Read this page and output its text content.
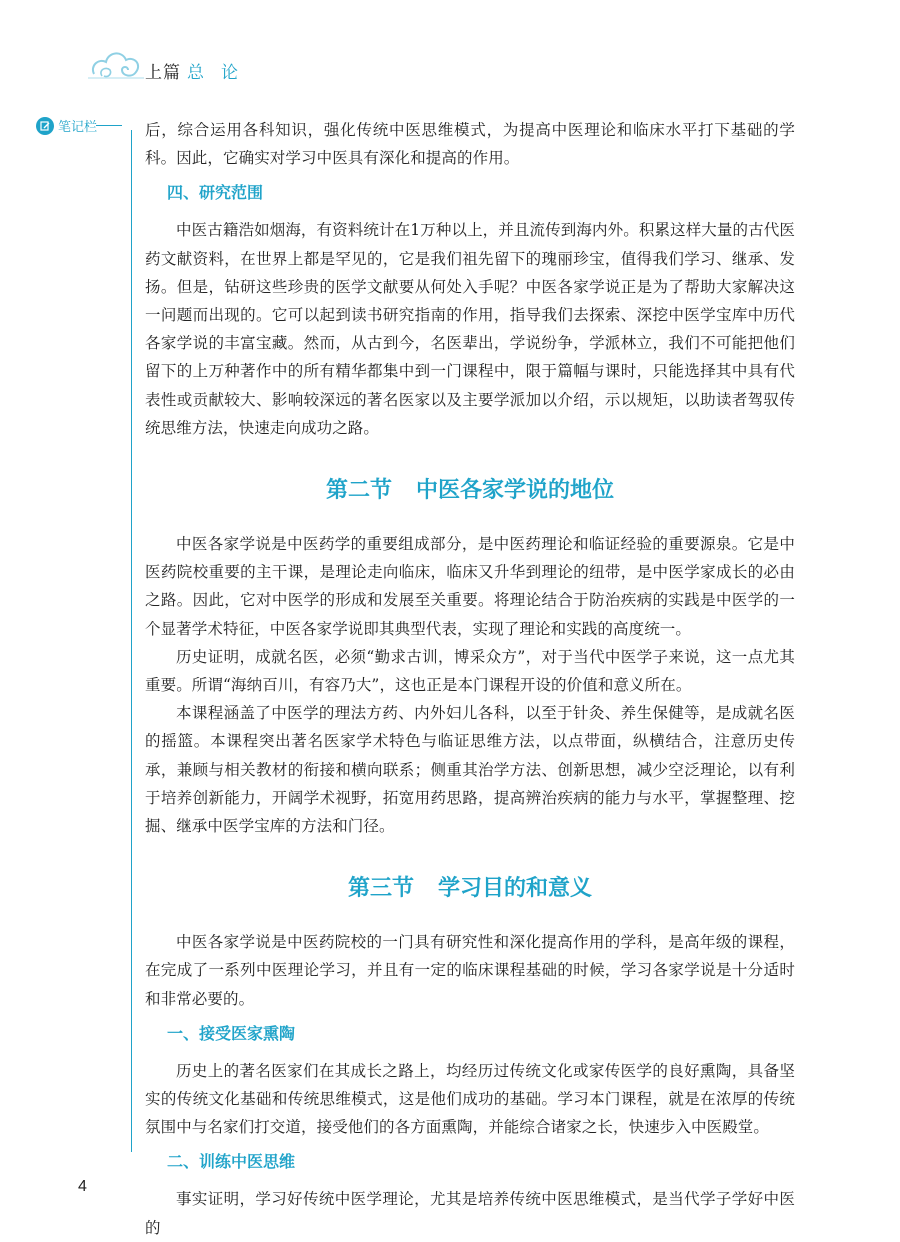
上篇 总 论
笔记栏	后，综合运用各科知识，强化传统中医思维模式，为提高中医理论和临床水平打下基础的学科。因此，它确实对学习中医具有深化和提高的作用。

四、研究范围

中医古籍浩如烟海，有资料统计在1万种以上，并且流传到海内外。积累这样大量的古代医药文献资料，在世界上都是罕见的，它是我们祖先留下的瑰丽珍宝，值得我们学习、继承、发扬。但是，钻研这些珍贵的医学文献要从何处入手呢？中医各家学说正是为了帮助大家解决这一问题而出现的。它可以起到读书研究指南的作用，指导我们去探索、深挖中医学宝库中历代各家学说的丰富宝藏。然而，从古到今，名医辈出，学说纷争，学派林立，我们不可能把他们留下的上万种著作中的所有精华都集中到一门课程中，限于篇幅与课时，只能选择其中具有代表性或贡献较大、影响较深远的著名医家以及主要学派加以介绍，示以规矩，以助读者驾驭传统思维方法，快速走向成功之路。

第二节 中医各家学说的地位

中医各家学说是中医药学的重要组成部分，是中医药理论和临证经验的重要源泉。它是中医药院校重要的主干课，是理论走向临床，临床又升华到理论的纽带，是中医学家成长的必由之路。因此，它对中医学的形成和发展至关重要。将理论结合于防治疾病的实践是中医学的一个显著学术特征，中医各家学说即其典型代表，实现了理论和实践的高度统一。

历史证明，成就名医，必须“勤求古训，博采众方”，对于当代中医学子来说，这一点尤其重要。所谓“海纳百川，有容乃大”，这也正是本门课程开设的价值和意义所在。

本课程涵盖了中医学的理法方药、内外妇儿各科，以至于针灸、养生保健等，是成就名医的摇篮。本课程突出著名医家学术特色与临证思维方法，以点带面，纵横结合，注意历史传承，兼顾与相关教材的衔接和横向联系；侧重其治学方法、创新思想，减少空泛理论，以有利于培养创新能力，开阔学术视野，拓宽用药思路，提高辨治疾病的能力与水平，掌握整理、挖掘、继承中医学宝库的方法和门径。

第三节 学习目的和意义

中医各家学说是中医药院校的一门具有研究性和深化提高作用的学科，是高年级的课程，在完成了一系列中医理论学习，并且有一定的临床课程基础的时候，学习各家学说是十分适时和非常必要的。

一、接受医家熏陶

历史上的著名医家们在其成长之路上，均经历过传统文化或家传医学的良好熏陶，具备坚实的传统文化基础和传统思维模式，这是他们成功的基础。学习本门课程，就是在浓厚的传统氛围中与名家们打交道，接受他们的各方面熏陶，并能综合诸家之长，快速步入中医殿堂。

二、训练中医思维

事实证明，学习好传统中医学理论，尤其是培养传统中医思维模式，是当代学子学好中医的

4
